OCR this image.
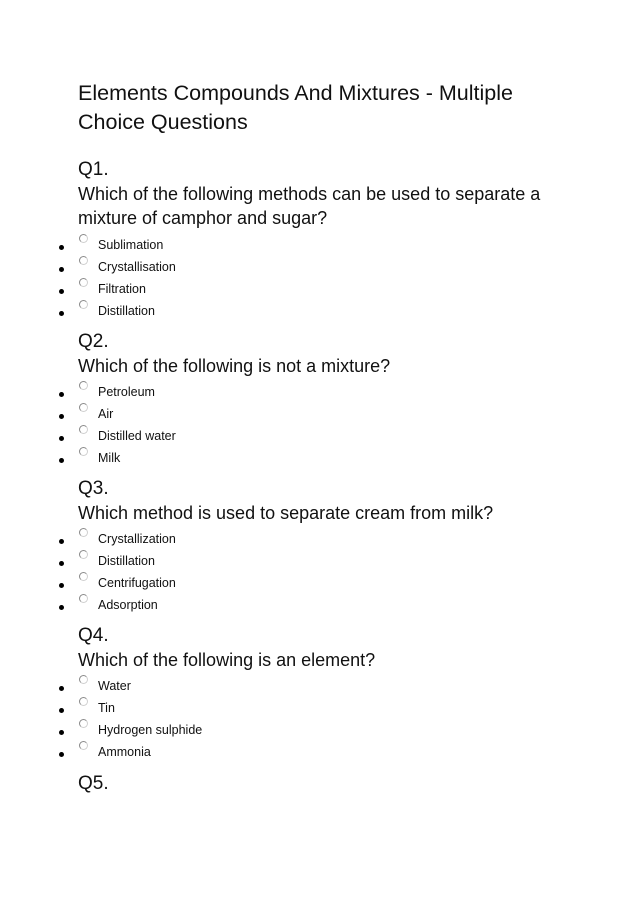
Elements Compounds And Mixtures - Multiple Choice Questions
Q1.
Which of the following methods can be used to separate a mixture of camphor and sugar?
Sublimation
Crystallisation
Filtration
Distillation
Q2.
Which of the following is not a mixture?
Petroleum
Air
Distilled water
Milk
Q3.
Which method is used to separate cream from milk?
Crystallization
Distillation
Centrifugation
Adsorption
Q4.
Which of the following is an element?
Water
Tin
Hydrogen sulphide
Ammonia
Q5.
